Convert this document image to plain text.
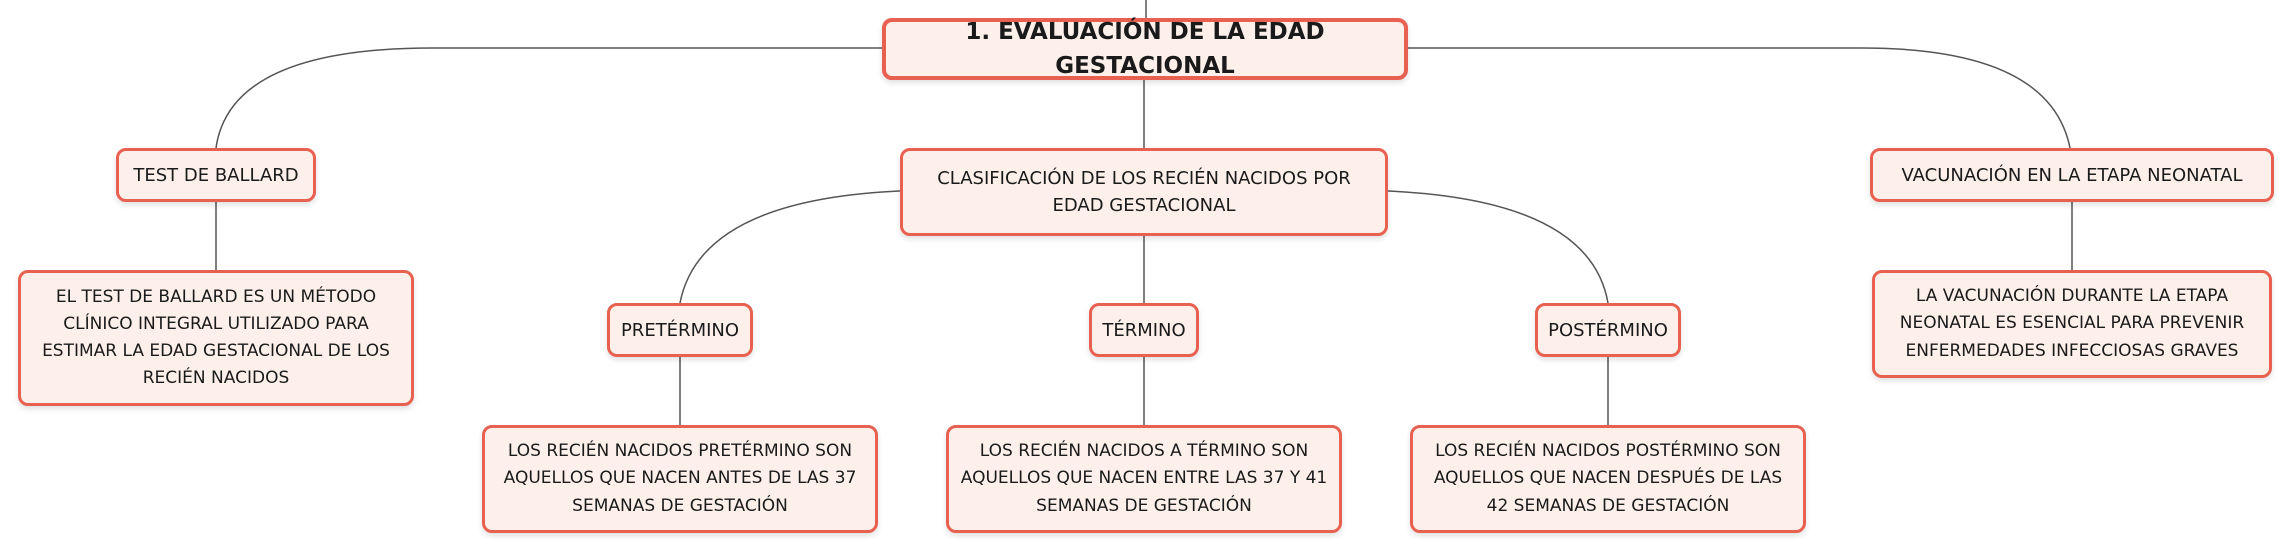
1. EVALUACIÓN DE LA EDAD GESTACIONAL
TEST DE BALLARD
EL TEST DE BALLARD ES UN MÉTODO CLÍNICO INTEGRAL UTILIZADO PARA ESTIMAR LA EDAD GESTACIONAL DE LOS RECIÉN NACIDOS
CLASIFICACIÓN DE LOS RECIÉN NACIDOS POR EDAD GESTACIONAL
PRETÉRMINO
LOS RECIÉN NACIDOS PRETÉRMINO SON AQUELLOS QUE NACEN ANTES DE LAS 37 SEMANAS DE GESTACIÓN
TÉRMINO
LOS RECIÉN NACIDOS A TÉRMINO SON AQUELLOS QUE NACEN ENTRE LAS 37 Y 41 SEMANAS DE GESTACIÓN
POSTÉRMINO
LOS RECIÉN NACIDOS POSTÉRMINO SON AQUELLOS QUE NACEN DESPUÉS DE LAS 42 SEMANAS DE GESTACIÓN
VACUNACIÓN EN LA ETAPA NEONATAL
LA VACUNACIÓN DURANTE LA ETAPA NEONATAL ES ESENCIAL PARA PREVENIR ENFERMEDADES INFECCIOSAS GRAVES
